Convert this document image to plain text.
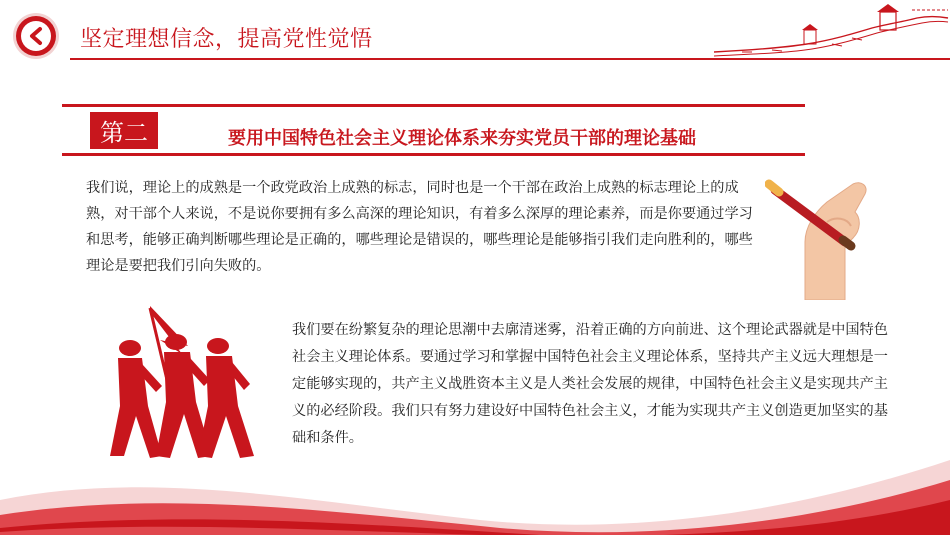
坚定理想信念，提高党性觉悟
第二	要用中国特色社会主义理论体系来夯实党员干部的理论基础

我们说，理论上的成熟是一个政党政治上成熟的标志，同时也是一个干部在政治上成熟的标志理论上的成熟，对干部个人来说，不是说你要拥有多么高深的理论知识，有着多么深厚的理论素养，而是你要通过学习和思考，能够正确判断哪些理论是正确的，哪些理论是错误的，哪些理论是能够指引我们走向胜利的，哪些理论是要把我们引向失败的。

我们要在纷繁复杂的理论思潮中去廓清迷雾，沿着正确的方向前进、这个理论武器就是中国特色社会主义理论体系。要通过学习和掌握中国特色社会主义理论体系，坚持共产主义远大理想是一定能够实现的，共产主义战胜资本主义是人类社会发展的规律，中国特色社会主义是实现共产主义的必经阶段。我们只有努力建设好中国特色社会主义，才能为实现共产主义创造更加坚实的基础和条件。
